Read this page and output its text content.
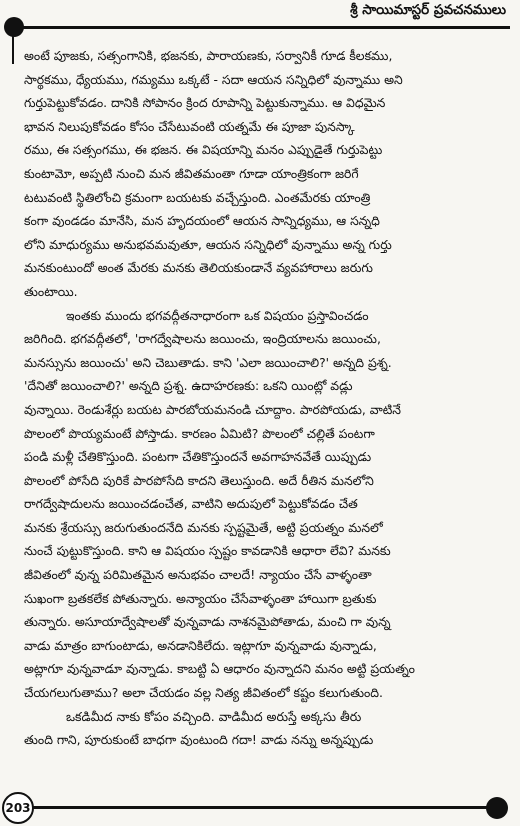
శ్రీ సాయిమాస్టర్ ప్రవచనములు
అంటే పూజకు, సత్సంగానికి, భజనకు, పారాయణకు, సర్వానికీ గూడ కీలకము,
సార్థకము, ధ్యేయము, గమ్యము ఒక్కటే - సదా ఆయన సన్నిధిలో వున్నాము అని
గుర్తుపెట్టుకోవడం. దానికి సోపానం క్రింద రూపాన్ని పెట్టుకున్నాము. ఆ విధమైన
భావన నిలుపుకోవడం కోసం చేసేటువంటి యత్నమే ఈ పూజా పునస్కా
రము, ఈ సత్సంగము, ఈ భజన. ఈ విషయాన్ని మనం ఎప్పుడైతే గుర్తుపెట్టు
కుంటామో, అప్పటి నుంచి మన జీవితమంతా గూడా యాంత్రికంగా జరిగే
టటువంటి స్థితిలోంచి క్రమంగా బయటకు వచ్చేస్తుంది. ఎంతమేరకు యాంత్రి
కంగా వుండడం మానేసి, మన హృదయంలో ఆయన సాన్నిధ్యము, ఆ సన్నధి
లోని మాధుర్యము అనుభవమవుతూ, ఆయన సన్నిధిలో వున్నాము అన్న గుర్తు
మనకుంటుందో అంత మేరకు మనకు తెలియకుండానే వ్యవహారాలు జరుగు
తుంటాయి.
ఇంతకు ముందు భగవద్గీతనాధారంగా ఒక విషయం ప్రస్తావించడం
జరిగింది. భగవద్గీతలో, 'రాగద్వేషాలను జయించు, ఇంద్రియాలను జయించు,
మనస్సును జయించు' అని చెబుతాడు. కాని 'ఎలా జయించాలి?' అన్నది ప్రశ్న.
'దేనితో జయించాలి?' అన్నది ప్రశ్న. ఉదాహరణకు: ఒకని యింట్లో వడ్లు
వున్నాయి. రెండుశేర్లు బయట పారబోయమనండి చూద్దాం. పారపోయడు, వాటినే
పొలంలో పొయ్యమంటే పోస్తాడు. కారణం ఏమిటి? పొలంలో చల్లితే పంటగా
పండి మళ్లీ చేతికొస్తుంది. పంటగా చేతికొస్తుందనే అవగాహనవేతే యిప్పుడు
పొలంలో పోసేది పురికే పారపోసేది కాదని తెలుస్తుంది. అదే రీతిన మనలోని
రాగద్వేషాదులను జయించడంచేత, వాటిని అదుపులో పెట్టుకోవడం చేత
మనకు శ్రేయస్సు జరుగుతుందనేది మనకు స్పష్టమైతే, అట్టి ప్రయత్నం మనలో
నుంచే పుట్టుకొస్తుంది. కాని ఆ విషయం స్పష్టం కావడానికి ఆధారా లేవి? మనకు
జీవితంలో వున్న పరిమితమైన అనుభవం చాలదే! న్యాయం చేసే వాళ్ళంతా
సుఖంగా బ్రతకలేక పోతున్నారు. అన్యాయం చేసేవాళ్ళంతా హాయిగా బ్రతుకు
తున్నారు. అసూయాద్వేషాలతో వున్నవాడు నాశనమైపోతాడు, మంచి గా వున్న
వాడు మాత్రం బాగుంటాడు, అనడానికిలేదు. ఇట్లాగూ వున్నవాడు వున్నాడు,
అట్లాగూ వున్నవాడూ వున్నాడు. కాబట్టి ఏ ఆధారం వున్నాదని మనం అట్టి ప్రయత్నం
చేయగలుగుతాము? అలా చేయడం వల్ల నిత్య జీవితంలో కష్టం కలుగుతుంది.
ఒకడిమీద నాకు కోపం వచ్చింది. వాడిమీద అరుస్తే అక్కసు తీరు
తుంది గాని, పూరుకుంటే బాధగా వుంటుంది గదా! వాడు నన్ను అన్నప్పుడు
203
